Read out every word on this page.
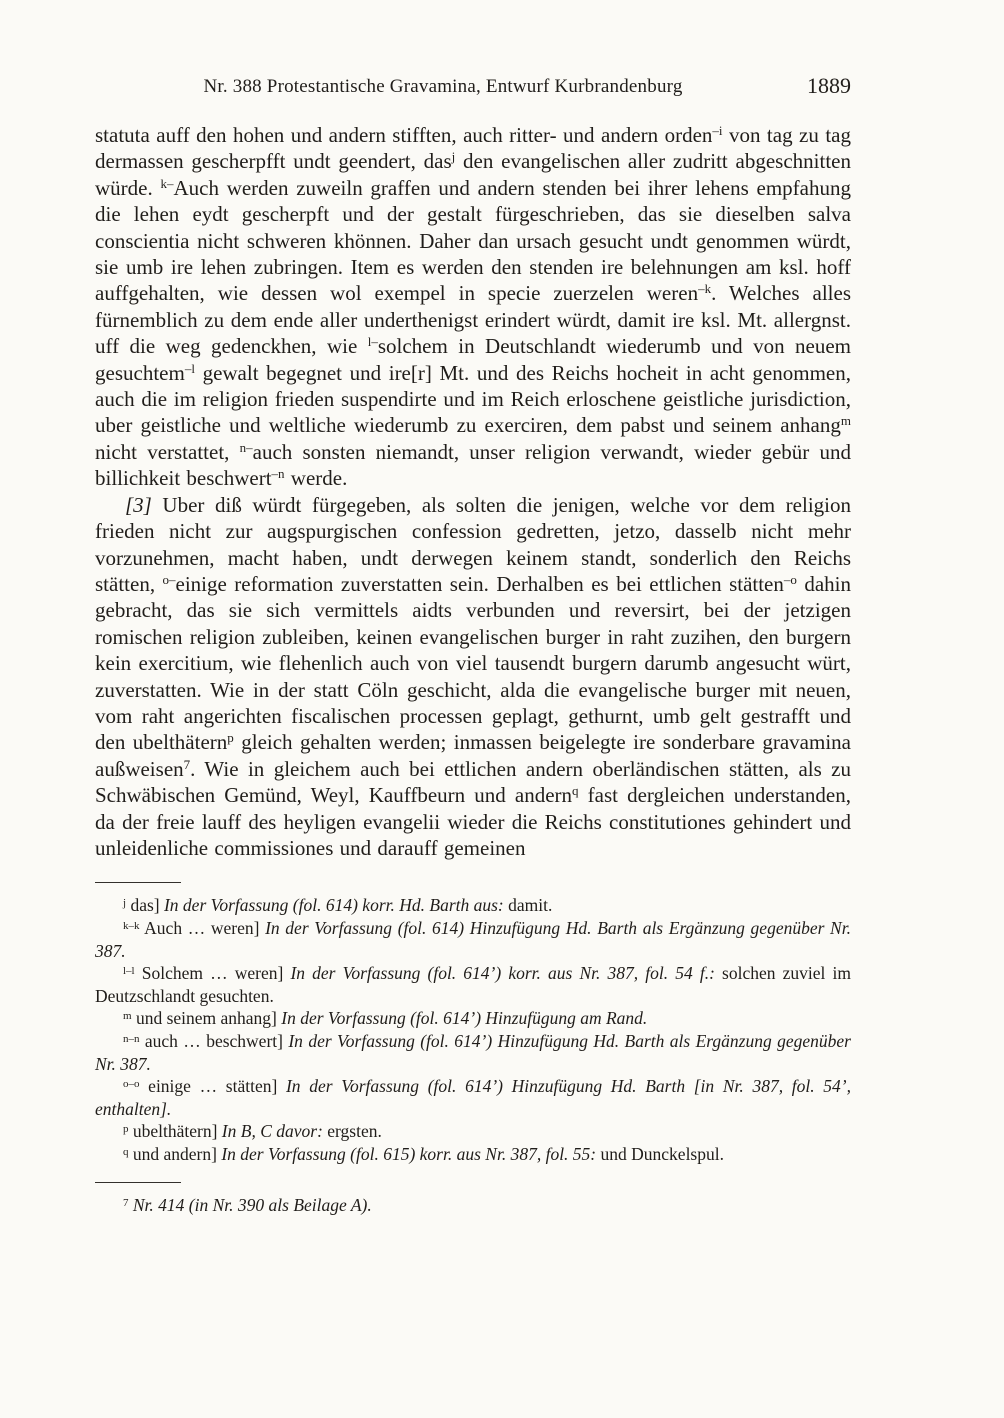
Nr. 388 Protestantische Gravamina, Entwurf Kurbrandenburg	1889

statuta auff den hohen und andern stifften, auch ritter- und andern orden$^{-i}$ von tag zu tag dermassen gescherpfft undt geendert, das$^j$ den evangelischen aller zudritt abgeschnitten würde. $^{k-}$Auch werden zuweiln graffen und andern stenden bei ihrer lehens empfahung die lehen eydt gescherpft und der gestalt fürgeschrieben, das sie dieselben salva conscientia nicht schweren khönnen. Daher dan ursach gesucht undt genommen würdt, sie umb ire lehen zubringen. Item es werden den stenden ire belehnungen am ksl. hoff auffgehalten, wie dessen wol exempel in specie zuerzelen weren$^{-k}$. Welches alles fürnemblich zu dem ende aller underthenigst erindert würdt, damit ire ksl. Mt. allergnst. uff die weg gedenckhen, wie $^{l-}$solchem in Deutschlandt wiederumb und von neuem gesuchtem$^{-l}$ gewalt begegnet und ire[r] Mt. und des Reichs hocheit in acht genommen, auch die im religion frieden suspendirte und im Reich erloschene geistliche jurisdiction, uber geistliche und weltliche wiederumb zu exerciren, dem pabst und seinem anhang$^m$ nicht verstattet, $^{n-}$auch sonsten niemandt, unser religion verwandt, wieder gebür und billichkeit beschwert$^{-n}$ werde.

[3] Uber diß würdt fürgegeben, als solten die jenigen, welche vor dem religion frieden nicht zur augspurgischen confession gedretten, jetzo, dasselb nicht mehr vorzunehmen, macht haben, undt derwegen keinem standt, sonderlich den Reichs stätten, $^{o-}$einige reformation zuverstatten sein. Derhalben es bei ettlichen stätten$^{-o}$ dahin gebracht, das sie sich vermittels aidts verbunden und reversirt, bei der jetzigen romischen religion zubleiben, keinen evangelischen burger in raht zuzihen, den burgern kein exercitium, wie flehenlich auch von viel tausendt burgern darumb angesucht würt, zuverstatten. Wie in der statt Cöln geschicht, alda die evangelische burger mit neuen, vom raht angerichten fiscalischen processen geplagt, gethurnt, umb gelt gestrafft und den ubelthätern$^p$ gleich gehalten werden; inmassen beigelegte ire sonderbare gravamina außweisen$^7$. Wie in gleichem auch bei ettlichen andern oberländischen stätten, als zu Schwäbischen Gemünd, Weyl, Kauffbeurn und andern$^q$ fast dergleichen understanden, da der freie lauff des heyligen evangelii wieder die Reichs constitutiones gehindert und unleidenliche commissiones und darauff gemeinen

$^j$ das] In der Vorfassung (fol. 614) korr. Hd. Barth aus: damit.

$^{k-k}$ Auch … weren] In der Vorfassung (fol. 614) Hinzufügung Hd. Barth als Ergänzung gegenüber Nr. 387.

$^{l-l}$ Solchem … weren] In der Vorfassung (fol. 614’) korr. aus Nr. 387, fol. 54 f.: solchen zuviel im Deutzschlandt gesuchten.

$^m$ und seinem anhang] In der Vorfassung (fol. 614’) Hinzufügung am Rand.

$^{n-n}$ auch … beschwert] In der Vorfassung (fol. 614’) Hinzufügung Hd. Barth als Ergänzung gegenüber Nr. 387.

$^{o-o}$ einige … stätten] In der Vorfassung (fol. 614’) Hinzufügung Hd. Barth [in Nr. 387, fol. 54’, enthalten].

$^p$ ubelthätern] In B, C davor: ergsten.

$^q$ und andern] In der Vorfassung (fol. 615) korr. aus Nr. 387, fol. 55: und Dunckelspul.

$^7$ Nr. 414 (in Nr. 390 als Beilage A).
